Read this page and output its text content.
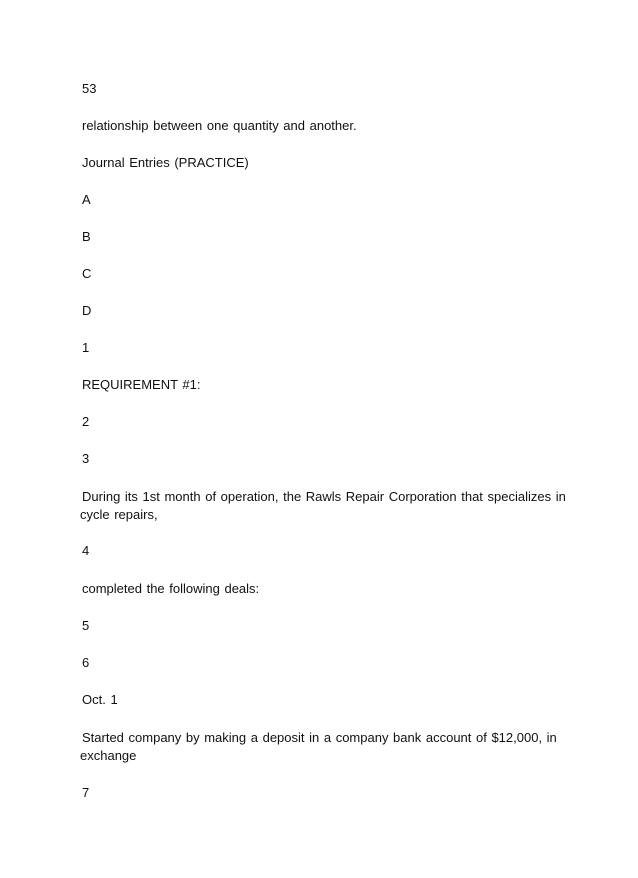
53
relationship between one quantity and another.
Journal Entries (PRACTICE)
A
B
C
D
1
REQUIREMENT #1:
2
3
During its 1st month of operation, the Rawls Repair Corporation that specializes in
cycle repairs,
4
completed the following deals:
5
6
Oct. 1
Started company by making a deposit in a company bank account of $12,000, in
exchange
7
